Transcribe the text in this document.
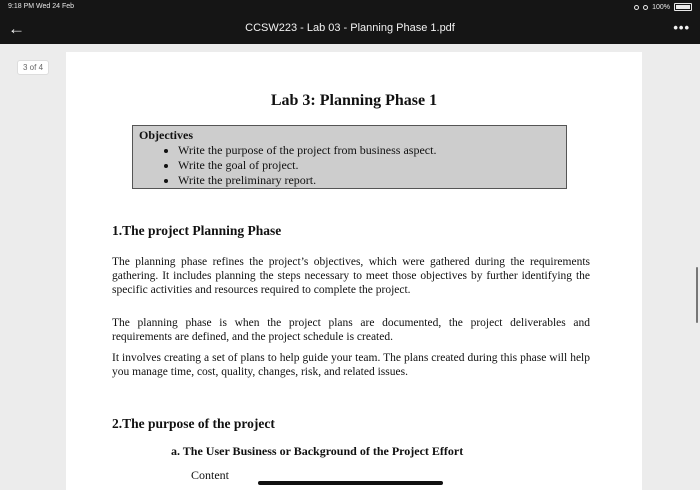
9:18 PM Wed 24 Feb	100%
←	CCSW223 - Lab 03 - Planning Phase 1.pdf	•••
Lab 3: Planning Phase 1
Objectives
• Write the purpose of the project from business aspect.
• Write the goal of project.
• Write the preliminary report.
1.The project Planning Phase
The planning phase refines the project’s objectives, which were gathered during the requirements gathering. It includes planning the steps necessary to meet those objectives by further identifying the specific activities and resources required to complete the project.
The planning phase is when the project plans are documented, the project deliverables and requirements are defined, and the project schedule is created.
It involves creating a set of plans to help guide your team. The plans created during this phase will help you manage time, cost, quality, changes, risk, and related issues.
2.The purpose of the project
a. The User Business or Background of the Project Effort
Content
3 of 4
